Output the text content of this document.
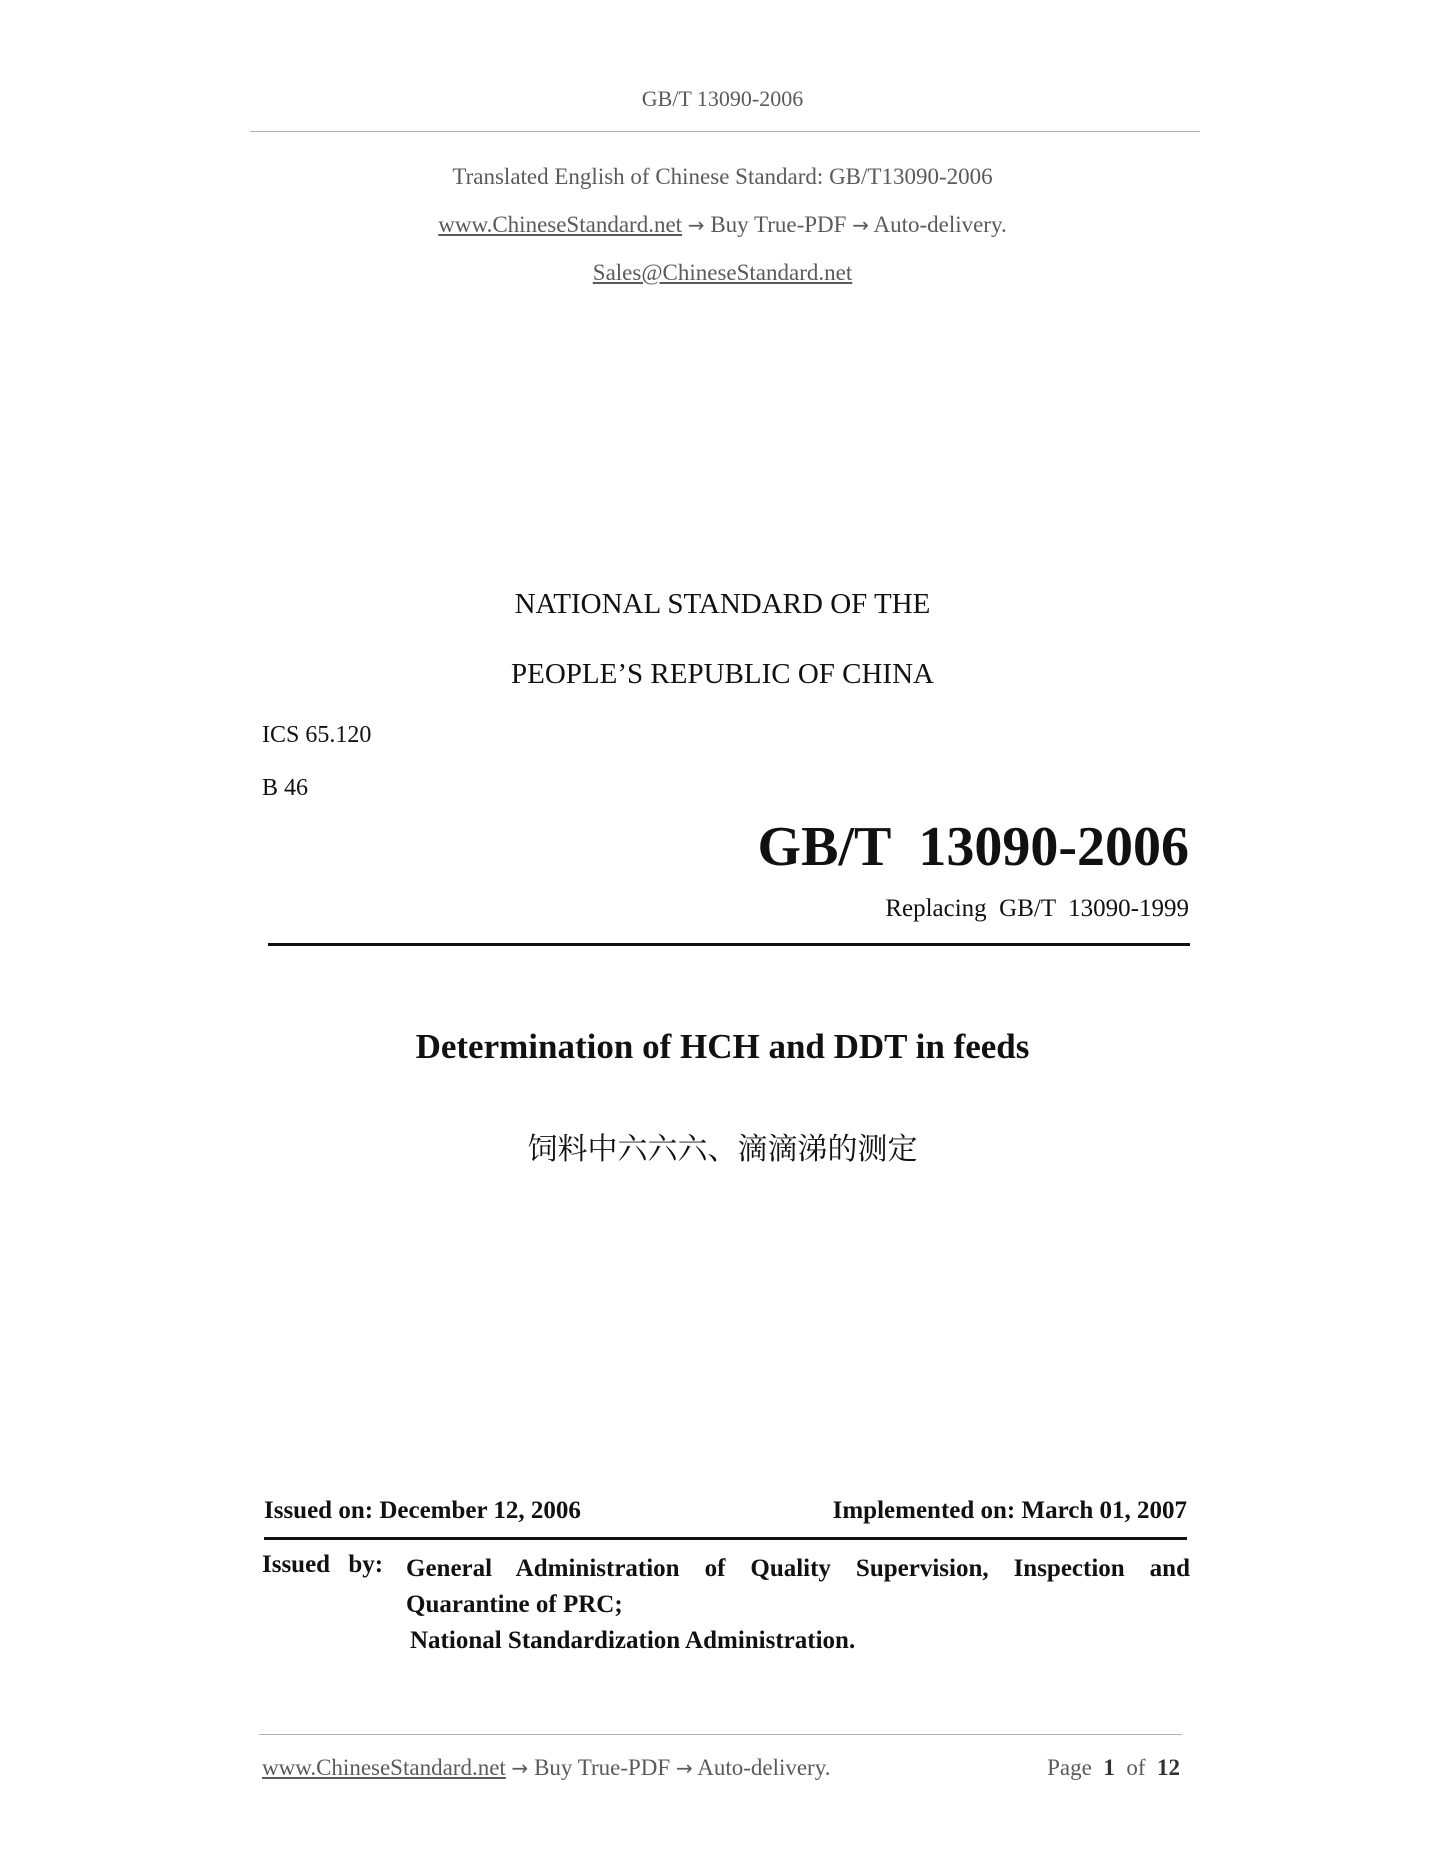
GB/T 13090-2006
Translated English of Chinese Standard: GB/T13090-2006
www.ChineseStandard.net → Buy True-PDF → Auto-delivery.
Sales@ChineseStandard.net
NATIONAL STANDARD OF THE
PEOPLE’S REPUBLIC OF CHINA
ICS 65.120
B 46
GB/T  13090-2006
Replacing  GB/T  13090-1999
Determination of HCH and DDT in feeds
饲料中六六六、滴滴涕的测定
Issued on: December 12, 2006	Implemented on: March 01, 2007
Issued by: General Administration of Quality Supervision, Inspection and Quarantine of PRC;
National Standardization Administration.
www.ChineseStandard.net → Buy True-PDF → Auto-delivery.	Page 1 of 12
